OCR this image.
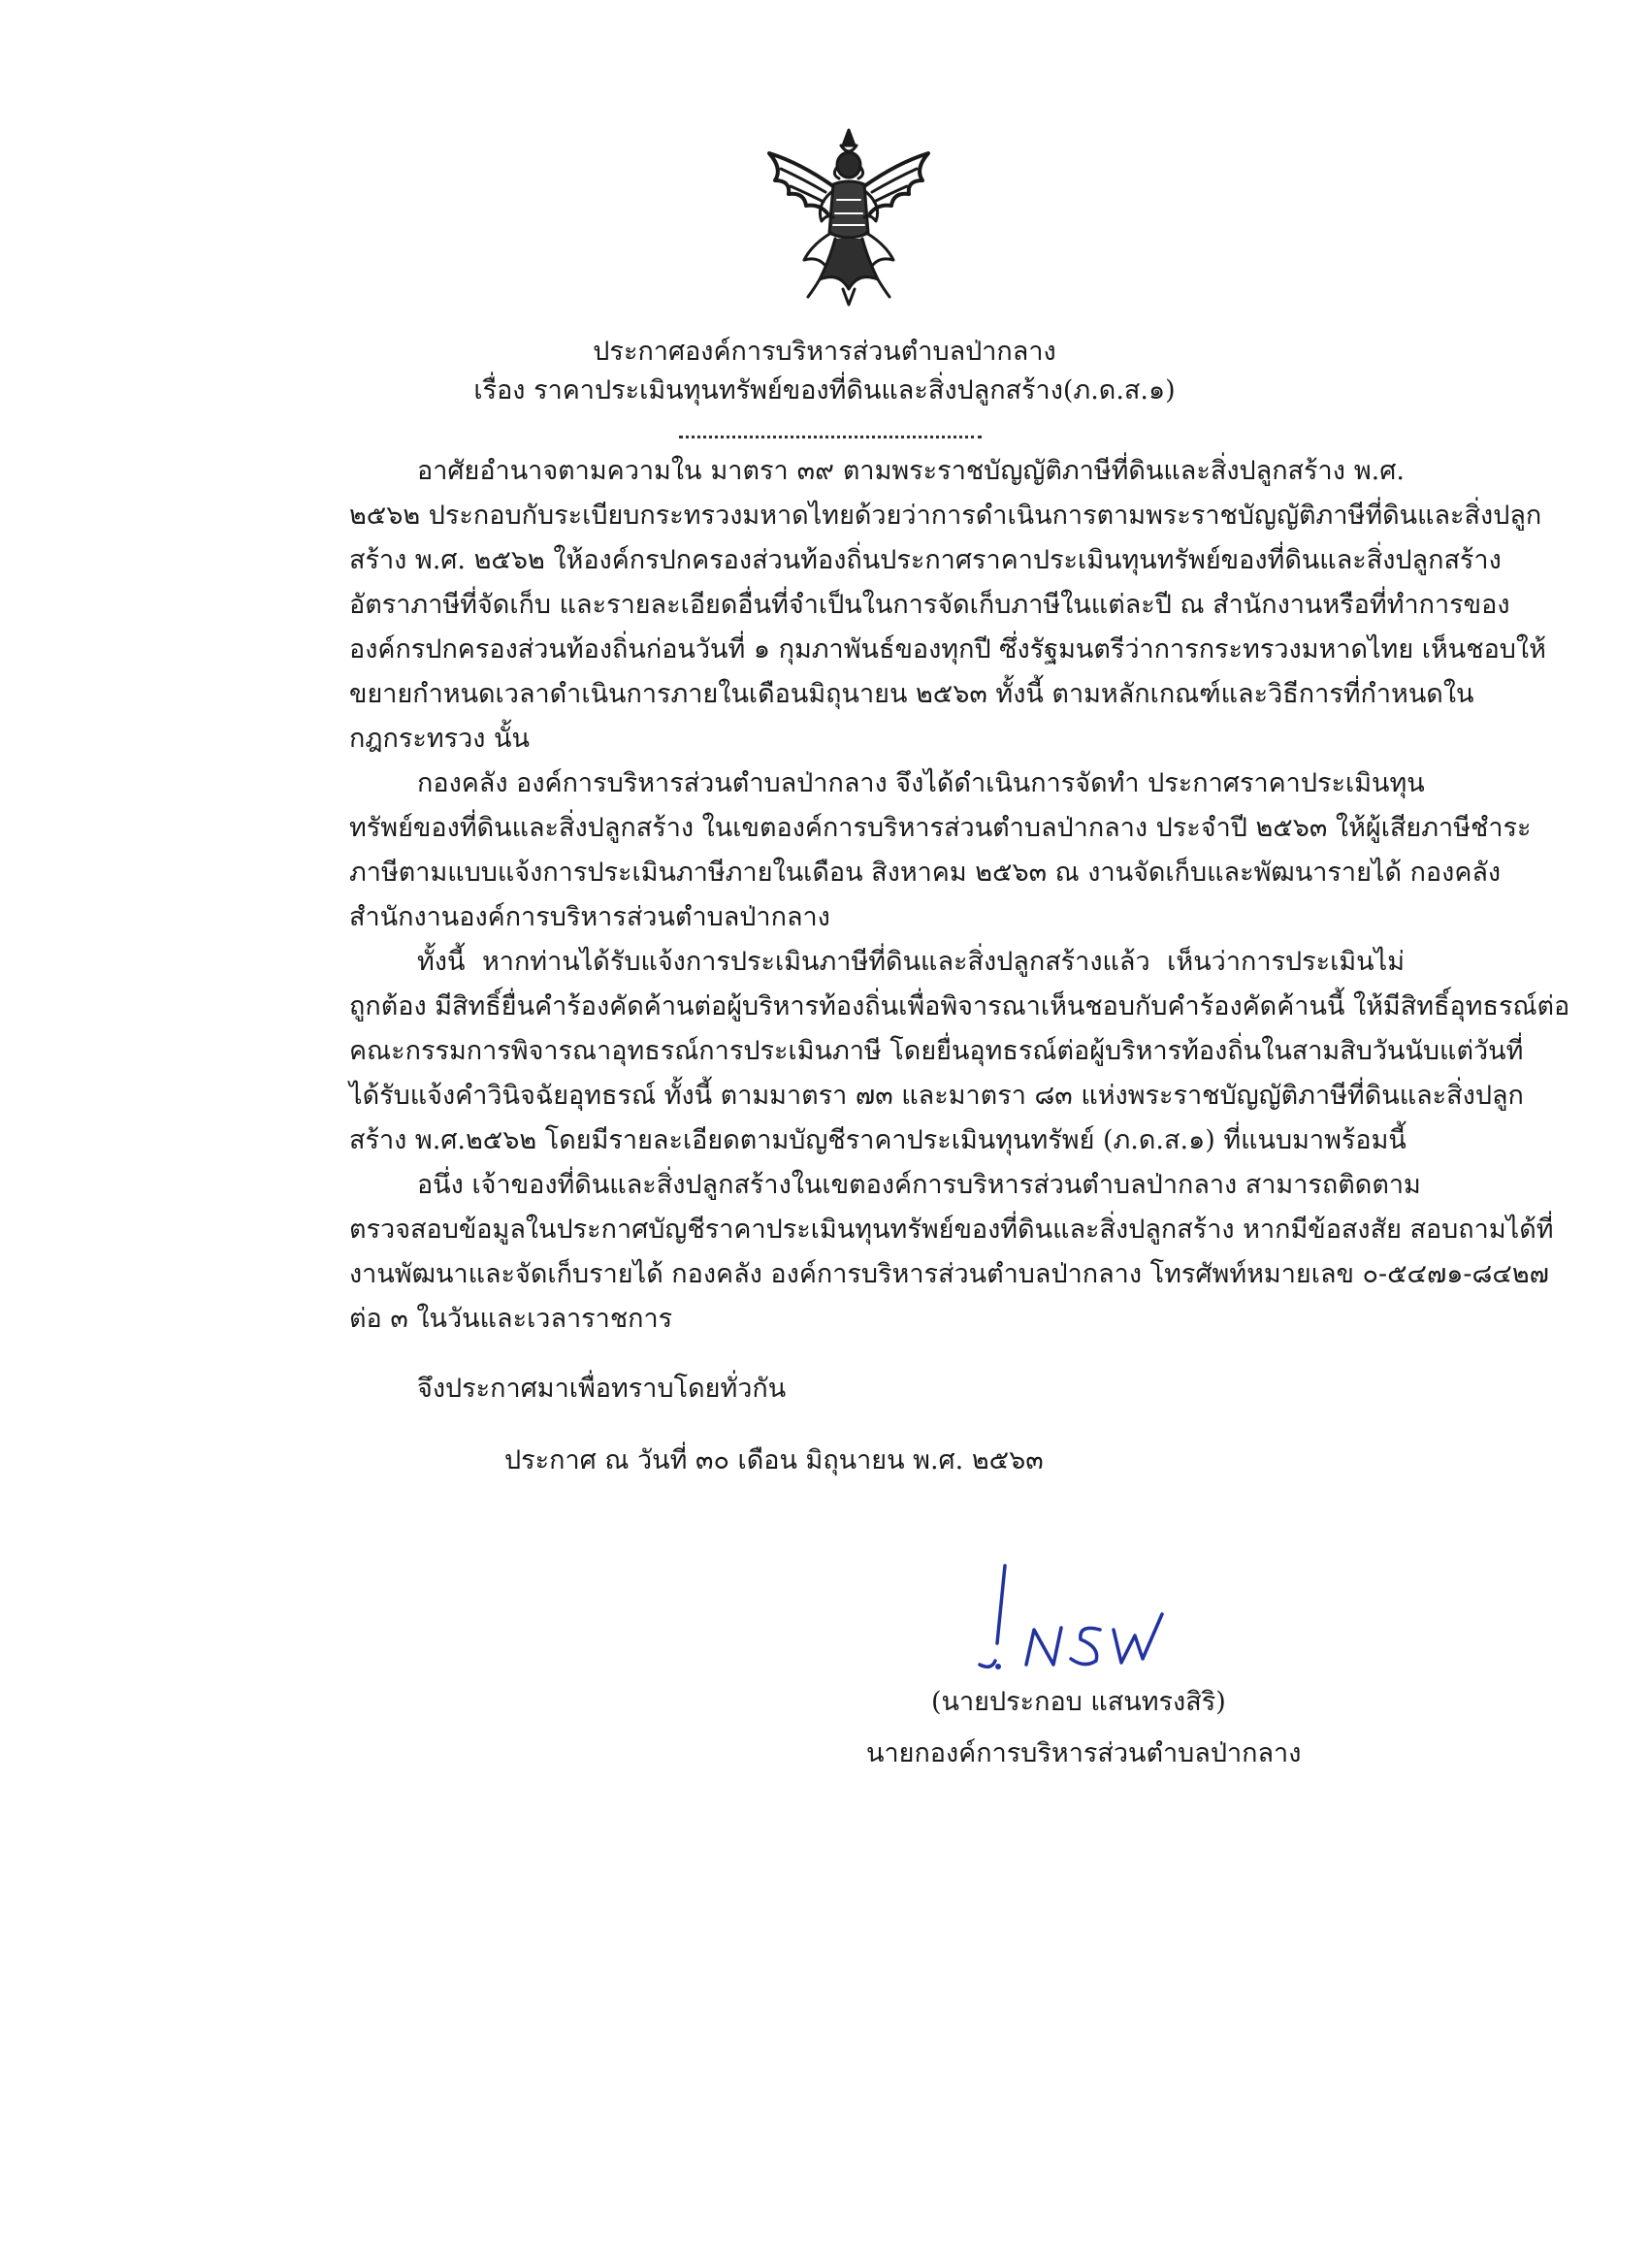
ประกาศองค์การบริหารส่วนตำบลป่ากลาง
เรื่อง ราคาประเมินทุนทรัพย์ของที่ดินและสิ่งปลูกสร้าง(ภ.ด.ส.๑)
อาศัยอำนาจตามความใน มาตรา ๓๙ ตามพระราชบัญญัติภาษีที่ดินและสิ่งปลูกสร้าง พ.ศ.
๒๕๖๒ ประกอบกับระเบียบกระทรวงมหาดไทยด้วยว่าการดำเนินการตามพระราชบัญญัติภาษีที่ดินและสิ่งปลูก
สร้าง พ.ศ. ๒๕๖๒ ให้องค์กรปกครองส่วนท้องถิ่นประกาศราคาประเมินทุนทรัพย์ของที่ดินและสิ่งปลูกสร้าง
อัตราภาษีที่จัดเก็บ และรายละเอียดอื่นที่จำเป็นในการจัดเก็บภาษีในแต่ละปี ณ สำนักงานหรือที่ทำการของ
องค์กรปกครองส่วนท้องถิ่นก่อนวันที่ ๑ กุมภาพันธ์ของทุกปี ซึ่งรัฐมนตรีว่าการกระทรวงมหาดไทย เห็นชอบให้
ขยายกำหนดเวลาดำเนินการภายในเดือนมิถุนายน ๒๕๖๓ ทั้งนี้ ตามหลักเกณฑ์และวิธีการที่กำหนดใน
กฎกระทรวง นั้น
กองคลัง องค์การบริหารส่วนตำบลป่ากลาง จึงได้ดำเนินการจัดทำ ประกาศราคาประเมินทุน
ทรัพย์ของที่ดินและสิ่งปลูกสร้าง ในเขตองค์การบริหารส่วนตำบลป่ากลาง ประจำปี ๒๕๖๓ ให้ผู้เสียภาษีชำระ
ภาษีตามแบบแจ้งการประเมินภาษีภายในเดือน สิงหาคม ๒๕๖๓ ณ งานจัดเก็บและพัฒนารายได้ กองคลัง
สำนักงานองค์การบริหารส่วนตำบลป่ากลาง
ทั้งนี้ หากท่านได้รับแจ้งการประเมินภาษีที่ดินและสิ่งปลูกสร้างแล้ว เห็นว่าการประเมินไม่
ถูกต้อง มีสิทธิ์ยื่นคำร้องคัดค้านต่อผู้บริหารท้องถิ่นเพื่อพิจารณาเห็นชอบกับคำร้องคัดค้านนี้ ให้มีสิทธิ์อุทธรณ์ต่อ
คณะกรรมการพิจารณาอุทธรณ์การประเมินภาษี โดยยื่นอุทธรณ์ต่อผู้บริหารท้องถิ่นในสามสิบวันนับแต่วันที่
ได้รับแจ้งคำวินิจฉัยอุทธรณ์ ทั้งนี้ ตามมาตรา ๗๓ และมาตรา ๘๓ แห่งพระราชบัญญัติภาษีที่ดินและสิ่งปลูก
สร้าง พ.ศ.๒๕๖๒ โดยมีรายละเอียดตามบัญชีราคาประเมินทุนทรัพย์ (ภ.ด.ส.๑) ที่แนบมาพร้อมนี้
อนึ่ง เจ้าของที่ดินและสิ่งปลูกสร้างในเขตองค์การบริหารส่วนตำบลป่ากลาง สามารถติดตาม
ตรวจสอบข้อมูลในประกาศบัญชีราคาประเมินทุนทรัพย์ของที่ดินและสิ่งปลูกสร้าง หากมีข้อสงสัย สอบถามได้ที่
งานพัฒนาและจัดเก็บรายได้ กองคลัง องค์การบริหารส่วนตำบลป่ากลาง โทรศัพท์หมายเลข ๐-๕๔๗๑-๘๔๒๗
ต่อ ๓ ในวันและเวลาราชการ
จึงประกาศมาเพื่อทราบโดยทั่วกัน
ประกาศ ณ วันที่ ๓๐ เดือน มิถุนายน พ.ศ. ๒๕๖๓
(นายประกอบ แสนทรงสิริ)
นายกองค์การบริหารส่วนตำบลป่ากลาง
